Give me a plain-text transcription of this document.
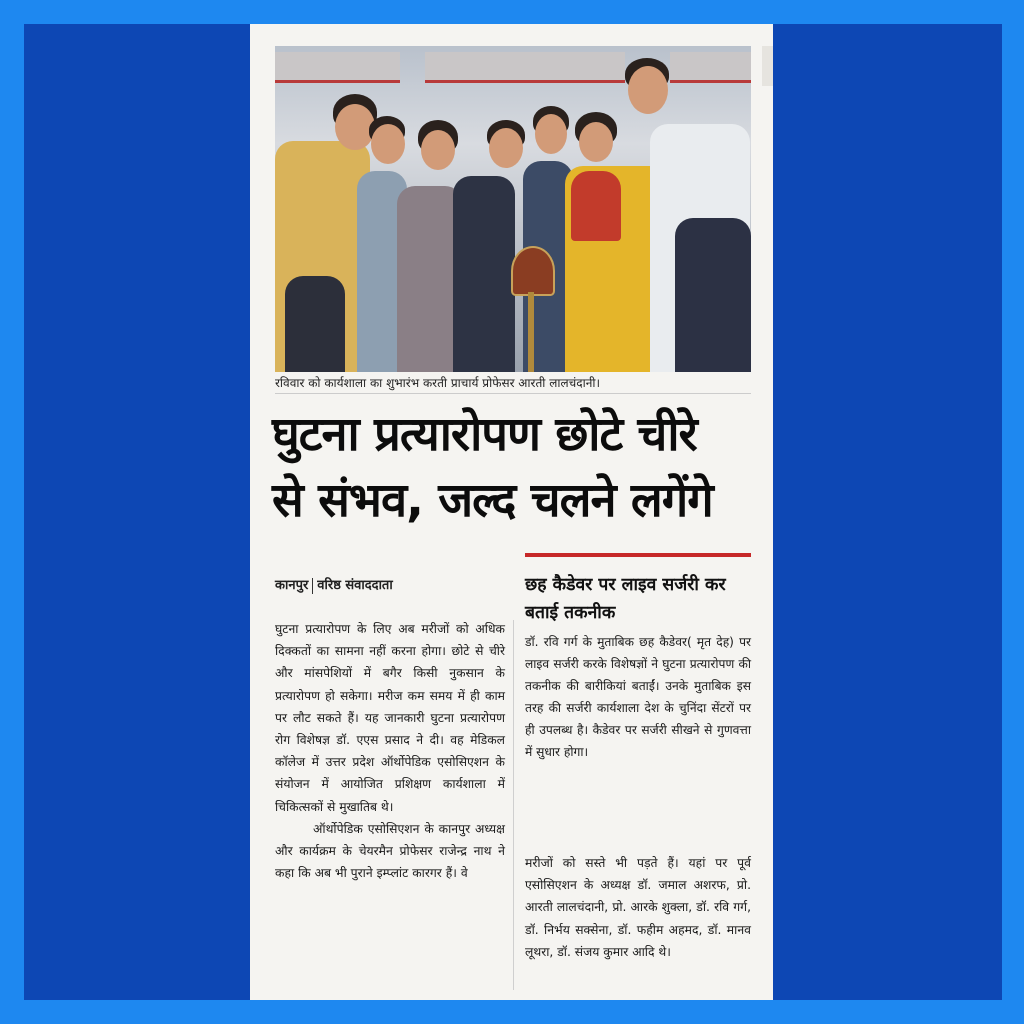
रविवार को कार्यशाला का शुभारंभ करती प्राचार्य प्रोफेसर आरती लालचंदानी।
घुटना प्रत्यारोपण छोटे चीरे
से संभव, जल्द चलने लगेंगे
कानपुर वरिष्ठ संवाददाता

घुटना प्रत्यारोपण के लिए अब मरीजों को अधिक दिक्कतों का सामना नहीं करना होगा। छोटे से चीरे और मांसपेशियों में बगैर किसी नुकसान के प्रत्यारोपण हो सकेगा। मरीज कम समय में ही काम पर लौट सकते हैं। यह जानकारी घुटना प्रत्यारोपण रोग विशेषज्ञ डॉ. एएस प्रसाद ने दी। वह मेडिकल कॉलेज में उत्तर प्रदेश ऑर्थोपेडिक एसोसिएशन के संयोजन में आयोजित प्रशिक्षण कार्यशाला में चिकित्सकों से मुखातिब थे।

ऑर्थोपेडिक एसोसिएशन के कानपुर अध्यक्ष और कार्यक्रम के चेयरमैन प्रोफेसर राजेन्द्र नाथ ने कहा कि अब भी पुराने इम्प्लांट कारगर हैं। वे

छह कैडेवर पर लाइव सर्जरी कर बताई तकनीक
डॉ. रवि गर्ग के मुताबिक छह कैडेवर( मृत देह) पर लाइव सर्जरी करके विशेषज्ञों ने घुटना प्रत्यारोपण की तकनीक की बारीकियां बताईं। उनके मुताबिक इस तरह की सर्जरी कार्यशाला देश के चुनिंदा सेंटरों पर ही उपलब्ध है। कैडेवर पर सर्जरी सीखने से गुणवत्ता में सुधार होगा।
मरीजों को सस्ते भी पड़ते हैं। यहां पर पूर्व एसोसिएशन के अध्यक्ष डॉ. जमाल अशरफ, प्रो. आरती लालचंदानी, प्रो. आरके शुक्ला, डॉ. रवि गर्ग, डॉ. निर्भय सक्सेना, डॉ. फहीम अहमद, डॉ. मानव लूथरा, डॉ. संजय कुमार आदि थे।
